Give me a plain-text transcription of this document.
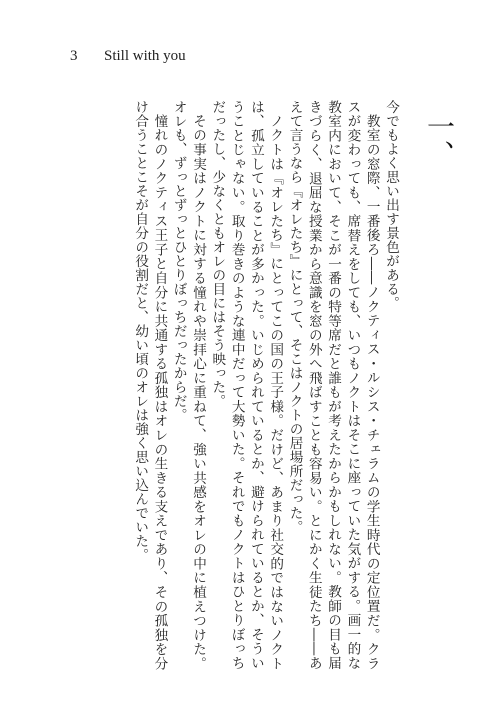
3 Still with you
一、

今でもよく思い出す景色がある。

教室の窓際、一番後ろ――ノクティス・ルシス・チェラムの学生時代の定位置だ。クラスが変わっても、席替えをしても、いつもノクトはそこに座っていた気がする。画一的な教室内において、そこが一番の特等席だと誰もが考えたからかもしれない。教師の目も届きづらく、退屈な授業から意識を窓の外へ飛ばすことも容易い。とにかく生徒たち――あえて言うなら『オレたち』にとって、そこはノクトの居場所だった。

ノクトは『オレたち』にとってこの国の王子様。だけど、あまり社交的ではないノクトは、孤立していることが多かった。いじめられているとか、避けられているとか、そういうことじゃない。取り巻きのような連中だって大勢いた。それでもノクトはひとりぼっちだったし、少なくともオレの目にはそう映った。

その事実はノクトに対する憧れや崇拝心に重ねて、強い共感をオレの中に植えつけた。オレも、ずっとずっとひとりぼっちだったからだ。

憧れのノクティス王子と自分に共通する孤独はオレの生きる支えであり、その孤独を分け合うことこそが自分の役割だと、幼い頃のオレは強く思い込んでいた。
